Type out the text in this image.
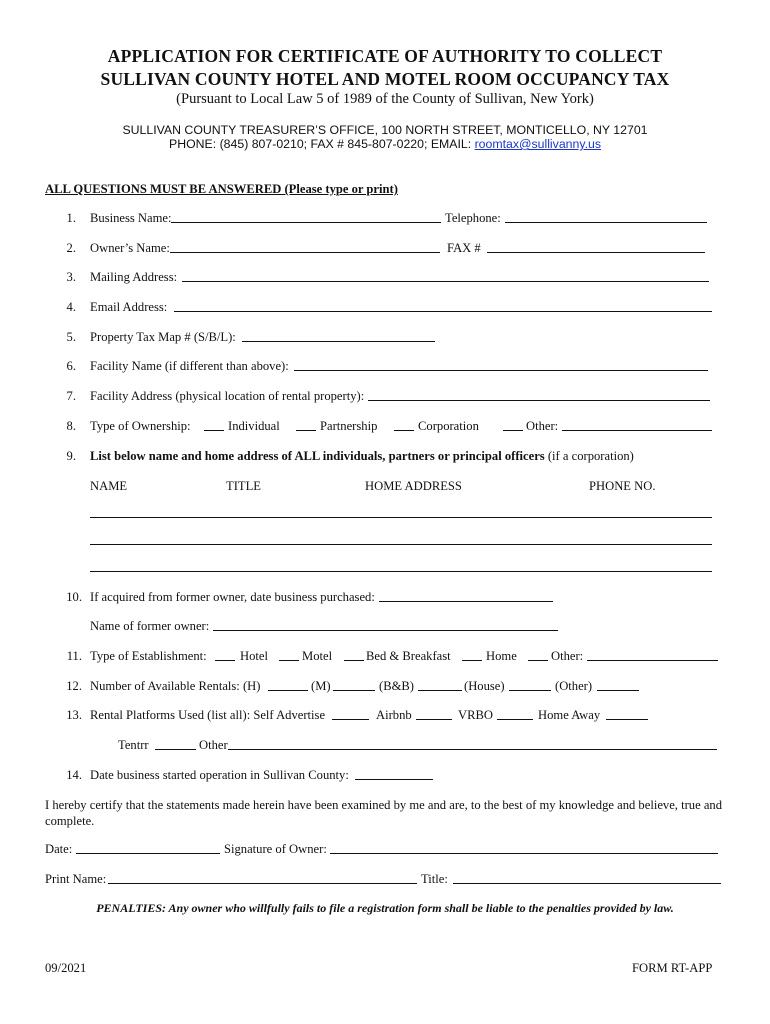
APPLICATION FOR CERTIFICATE OF AUTHORITY TO COLLECT
SULLIVAN COUNTY HOTEL AND MOTEL ROOM OCCUPANCY TAX
(Pursuant to Local Law 5 of 1989 of the County of Sullivan, New York)
SULLIVAN COUNTY TREASURER’S OFFICE, 100 NORTH STREET, MONTICELLO, NY 12701
PHONE: (845) 807-0210; FAX # 845-807-0220; EMAIL: roomtax@sullivanny.us
ALL QUESTIONS MUST BE ANSWERED (Please type or print)
1. Business Name:	Telephone:
2. Owner’s Name:	FAX #
3. Mailing Address:
4. Email Address:
5. Property Tax Map # (S/B/L):
6. Facility Name (if different than above):
7. Facility Address (physical location of rental property):
8. Type of Ownership:	Individual	Partnership	Corporation	Other:
9. List below name and home address of ALL individuals, partners or principal officers (if a corporation)
NAME	TITLE	HOME ADDRESS	PHONE NO.
10. If acquired from former owner, date business purchased:
Name of former owner:
11. Type of Establishment:	Hotel	Motel	Bed & Breakfast	Home	Other:
12. Number of Available Rentals: (H)	(M)	(B&B)	(House)	(Other)
13. Rental Platforms Used (list all): Self Advertise	Airbnb	VRBO	Home Away
Tentrr	Other
14. Date business started operation in Sullivan County:
I hereby certify that the statements made herein have been examined by me and are, to the best of my knowledge and believe, true and complete.
Date:	Signature of Owner:
Print Name:	Title:
PENALTIES: Any owner who willfully fails to file a registration form shall be liable to the penalties provided by law.
09/2021	FORM RT-APP
